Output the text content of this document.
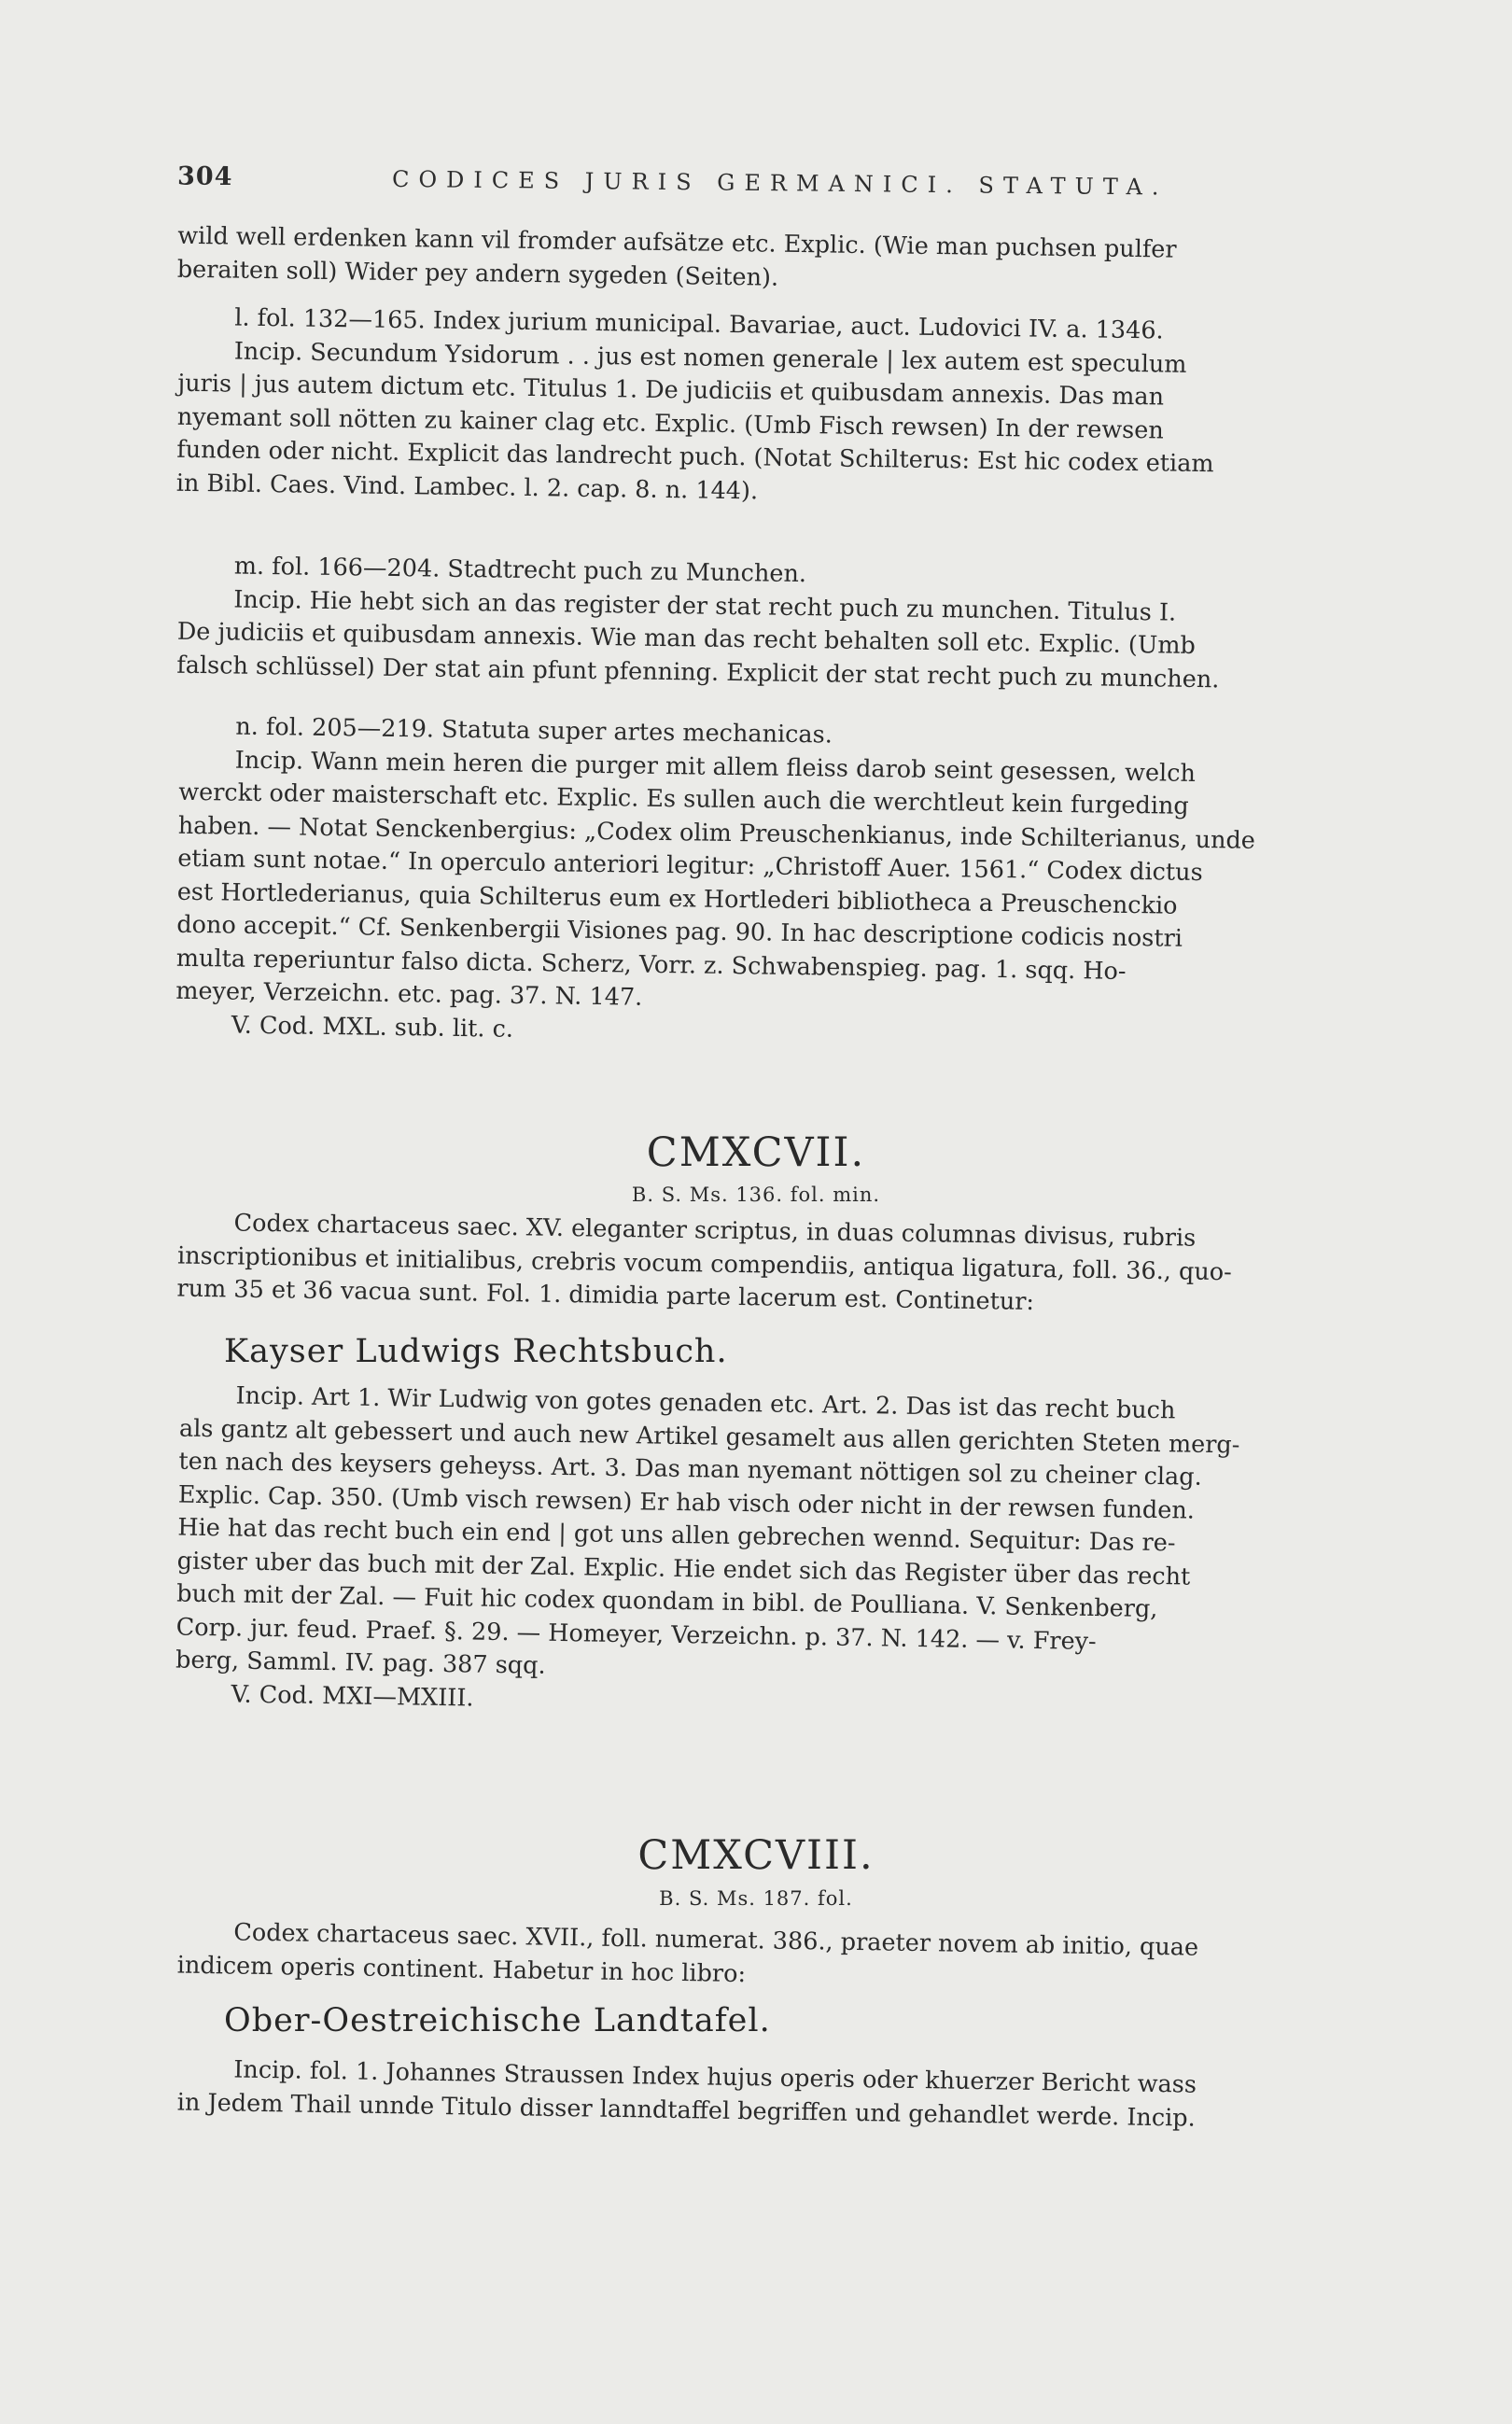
304	CODICES JURIS GERMANICI. STATUTA.
wild well erdenken kann vil fromder aufsätze etc. Explic. (Wie man puchsen pulfer
beraiten soll) Wider pey andern sygeden (Seiten).
l. fol. 132—165. Index jurium municipal. Bavariae, auct. Ludovici IV. a. 1346.
Incip. Secundum Ysidorum . . jus est nomen generale | lex autem est speculum
juris | jus autem dictum etc. Titulus 1. De judiciis et quibusdam annexis. Das man
nyemant soll nötten zu kainer clag etc. Explic. (Umb Fisch rewsen) In der rewsen
funden oder nicht. Explicit das landrecht puch. (Notat Schilterus: Est hic codex etiam
in Bibl. Caes. Vind. Lambec. l. 2. cap. 8. n. 144).
m. fol. 166—204. Stadtrecht puch zu Munchen.
Incip. Hie hebt sich an das register der stat recht puch zu munchen. Titulus I.
De judiciis et quibusdam annexis. Wie man das recht behalten soll etc. Explic. (Umb
falsch schlüssel) Der stat ain pfunt pfenning. Explicit der stat recht puch zu munchen.
n. fol. 205—219. Statuta super artes mechanicas.
Incip. Wann mein heren die purger mit allem fleiss darob seint gesessen, welch
werckt oder maisterschaft etc. Explic. Es sullen auch die werchtleut kein furgeding
haben. — Notat Senckenbergius: „Codex olim Preuschenkianus, inde Schilterianus, unde
etiam sunt notae.“ In operculo anteriori legitur: „Christoff Auer. 1561.“ Codex dictus
est Hortlederianus, quia Schilterus eum ex Hortlederi bibliotheca a Preuschenckio
dono accepit.“ Cf. Senkenbergii Visiones pag. 90. In hac descriptione codicis nostri
multa reperiuntur falso dicta. Scherz, Vorr. z. Schwabenspieg. pag. 1. sqq. Ho-
meyer, Verzeichn. etc. pag. 37. N. 147.
V. Cod. MXL. sub. lit. c.
CMXCVII.
B. S. Ms. 136. fol. min.
Codex chartaceus saec. XV. eleganter scriptus, in duas columnas divisus, rubris
inscriptionibus et initialibus, crebris vocum compendiis, antiqua ligatura, foll. 36., quo-
rum 35 et 36 vacua sunt. Fol. 1. dimidia parte lacerum est. Continetur:
Kayser Ludwigs Rechtsbuch.
Incip. Art 1. Wir Ludwig von gotes genaden etc. Art. 2. Das ist das recht buch
als gantz alt gebessert und auch new Artikel gesamelt aus allen gerichten Steten merg-
ten nach des keysers geheyss. Art. 3. Das man nyemant nöttigen sol zu cheiner clag.
Explic. Cap. 350. (Umb visch rewsen) Er hab visch oder nicht in der rewsen funden.
Hie hat das recht buch ein end | got uns allen gebrechen wennd. Sequitur: Das re-
gister uber das buch mit der Zal. Explic. Hie endet sich das Register über das recht
buch mit der Zal. — Fuit hic codex quondam in bibl. de Poulliana. V. Senkenberg,
Corp. jur. feud. Praef. §. 29. — Homeyer, Verzeichn. p. 37. N. 142. — v. Frey-
berg, Samml. IV. pag. 387 sqq.
V. Cod. MXI—MXIII.
CMXCVIII.
B. S. Ms. 187. fol.
Codex chartaceus saec. XVII., foll. numerat. 386., praeter novem ab initio, quae
indicem operis continent. Habetur in hoc libro:
Ober-Oestreichische Landtafel.
Incip. fol. 1. Johannes Straussen Index hujus operis oder khuerzer Bericht wass
in Jedem Thail unnde Titulo disser lanndtaffel begriffen und gehandlet werde. Incip.
